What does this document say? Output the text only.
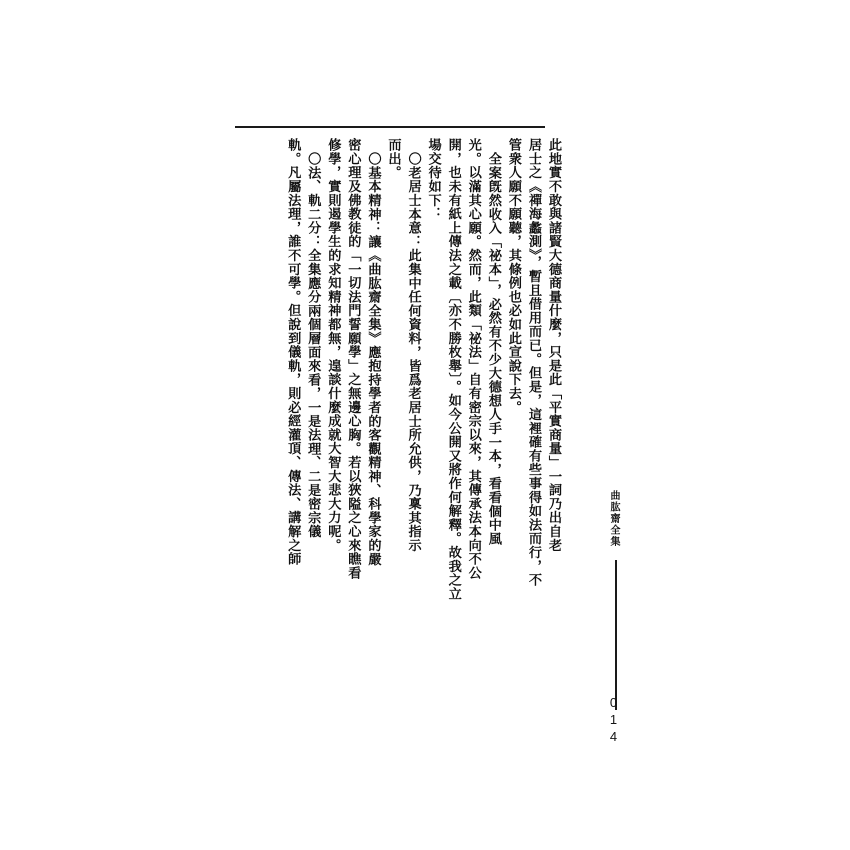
此地實不敢與諸賢大德商量什麼，只是此「平實商量」一詞乃出自老
居士之《禪海蠡測》，暫且借用而已。但是，這裡確有些事得如法而行，不
管衆人願不願聽，其條例也必如此宣說下去。
全案旣然收入「祕本」，必然有不少大德想人手一本，看看個中風
光。以滿其心願。然而，此類「祕法」自有密宗以來，其傳承法本向不公
開，也未有紙上傳法之載〔亦不勝枚舉〕。如今公開又將作何解釋。故我之立
場交待如下：
〇老居士本意：此集中任何資料，皆爲老居士所允供，乃稟其指示
而出。
〇基本精神：讓《曲肱齋全集》應抱持學者的客觀精神、科學家的嚴
密心理及佛教徒的「一切法門誓願學」之無邊心胸。若以狹隘之心來瞧看
修學，實則遏學生的求知精神都無，遑談什麼成就大智大悲大力呢。
〇法、軌二分：全集應分兩個層面來看，一是法理、二是密宗儀
軌。凡屬法理，誰不可學。但說到儀軌，則必經灌頂、傳法、講解之師	曲肱齋全集
014
